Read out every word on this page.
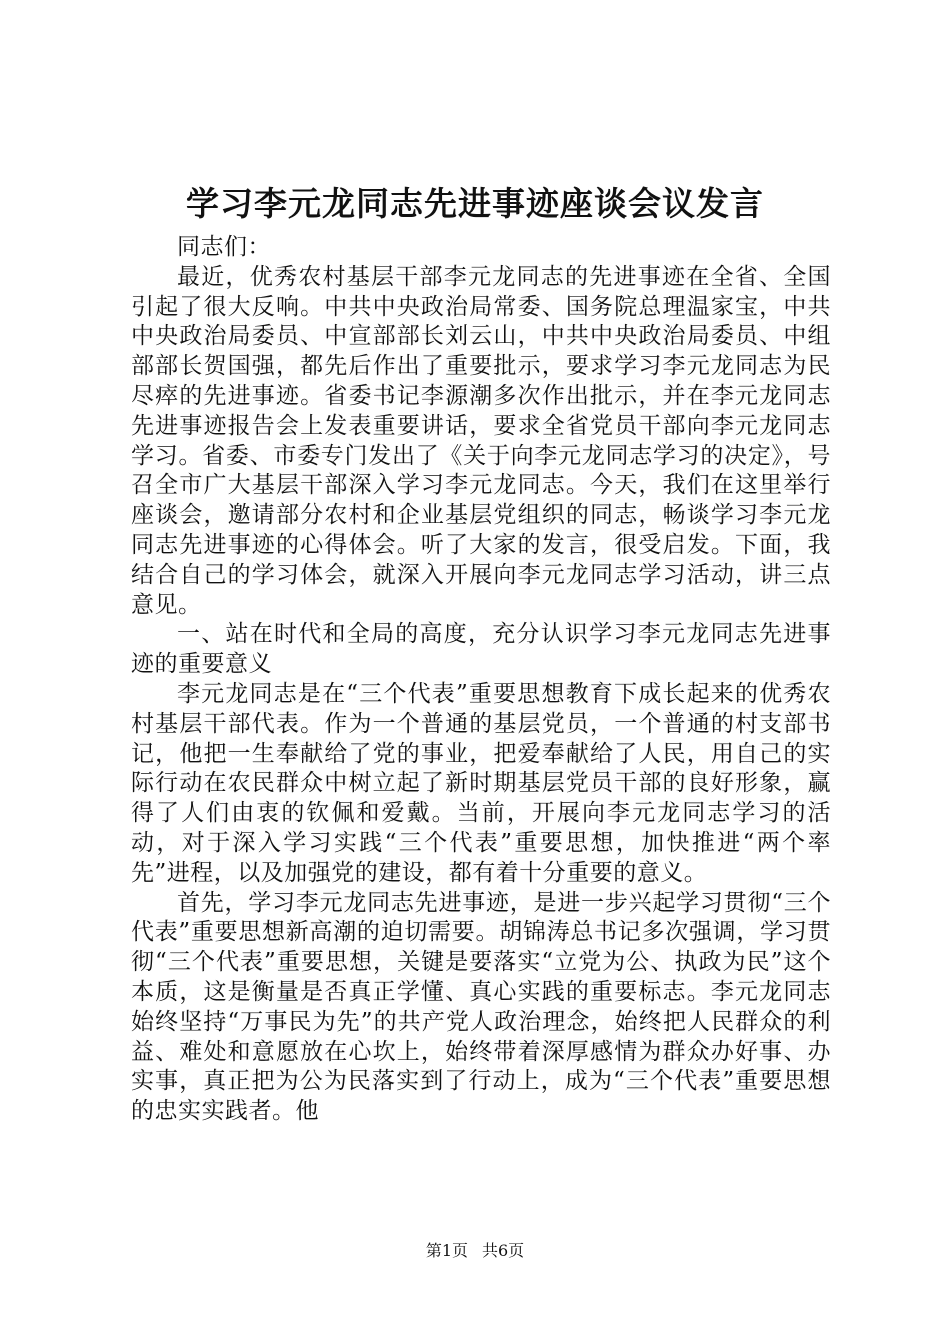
学习李元龙同志先进事迹座谈会议发言

同志们：

最近，优秀农村基层干部李元龙同志的先进事迹在全省、全国引起了很大反响。中共中央政治局常委、国务院总理温家宝，中共中央政治局委员、中宣部部长刘云山，中共中央政治局委员、中组部部长贺国强，都先后作出了重要批示，要求学习李元龙同志为民尽瘁的先进事迹。省委书记李源潮多次作出批示，并在李元龙同志先进事迹报告会上发表重要讲话，要求全省党员干部向李元龙同志学习。省委、市委专门发出了《关于向李元龙同志学习的决定》，号召全市广大基层干部深入学习李元龙同志。今天，我们在这里举行座谈会，邀请部分农村和企业基层党组织的同志，畅谈学习李元龙同志先进事迹的心得体会。听了大家的发言，很受启发。下面，我结合自己的学习体会，就深入开展向李元龙同志学习活动，讲三点意见。

一、站在时代和全局的高度，充分认识学习李元龙同志先进事迹的重要意义

李元龙同志是在“三个代表”重要思想教育下成长起来的优秀农村基层干部代表。作为一个普通的基层党员，一个普通的村支部书记，他把一生奉献给了党的事业，把爱奉献给了人民，用自己的实际行动在农民群众中树立起了新时期基层党员干部的良好形象，赢得了人们由衷的钦佩和爱戴。当前，开展向李元龙同志学习的活动，对于深入学习实践“三个代表”重要思想，加快推进“两个率先”进程，以及加强党的建设，都有着十分重要的意义。

首先，学习李元龙同志先进事迹，是进一步兴起学习贯彻“三个代表”重要思想新高潮的迫切需要。胡锦涛总书记多次强调，学习贯彻“三个代表”重要思想，关键是要落实“立党为公、执政为民”这个本质，这是衡量是否真正学懂、真心实践的重要标志。李元龙同志始终坚持“万事民为先”的共产党人政治理念，始终把人民群众的利益、难处和意愿放在心坎上，始终带着深厚感情为群众办好事、办实事，真正把为公为民落实到了行动上，成为“三个代表”重要思想的忠实实践者。他

第1页 共6页
